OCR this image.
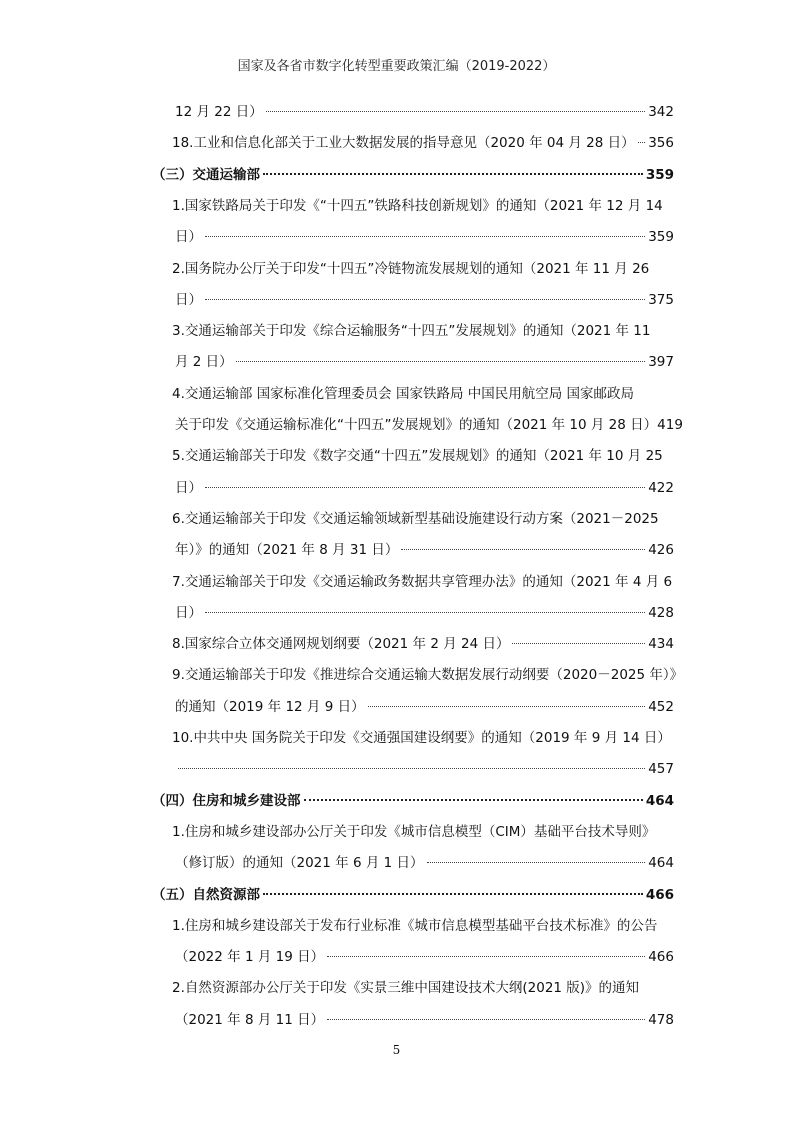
国家及各省市数字化转型重要政策汇编（2019-2022）
12 月 22 日）	342
18.工业和信息化部关于工业大数据发展的指导意见（2020 年 04 月 28 日） 356
（三）交通运输部	359
1.国家铁路局关于印发《“十四五”铁路科技创新规划》的通知（2021 年 12 月 14
日）	359
2.国务院办公厅关于印发“十四五”冷链物流发展规划的通知（2021 年 11 月 26
日）	375
3.交通运输部关于印发《综合运输服务“十四五”发展规划》的通知（2021 年 11
月 2 日）	397
4.交通运输部 国家标准化管理委员会 国家铁路局 中国民用航空局 国家邮政局
关于印发《交通运输标准化“十四五”发展规划》的通知（2021 年 10 月 28 日）419
5.交通运输部关于印发《数字交通“十四五”发展规划》的通知（2021 年 10 月 25
日）	422
6.交通运输部关于印发《交通运输领域新型基础设施建设行动方案（2021－2025
年）》的通知（2021 年 8 月 31 日）	426
7.交通运输部关于印发《交通运输政务数据共享管理办法》的通知（2021 年 4 月 6
日）	428
8.国家综合立体交通网规划纲要（2021 年 2 月 24 日）	434
9.交通运输部关于印发《推进综合交通运输大数据发展行动纲要（2020－2025 年）》
的通知（2019 年 12 月 9 日）	452
10.中共中央 国务院关于印发《交通强国建设纲要》的通知（2019 年 9 月 14 日）
457
（四）住房和城乡建设部	464
1.住房和城乡建设部办公厅关于印发《城市信息模型（CIM）基础平台技术导则》
（修订版）的通知（2021 年 6 月 1 日）	464
（五）自然资源部	466
1.住房和城乡建设部关于发布行业标准《城市信息模型基础平台技术标准》的公告
（2022 年 1 月 19 日）	466
2.自然资源部办公厅关于印发《实景三维中国建设技术大纲(2021 版)》的通知
（2021 年 8 月 11 日）	478
5
